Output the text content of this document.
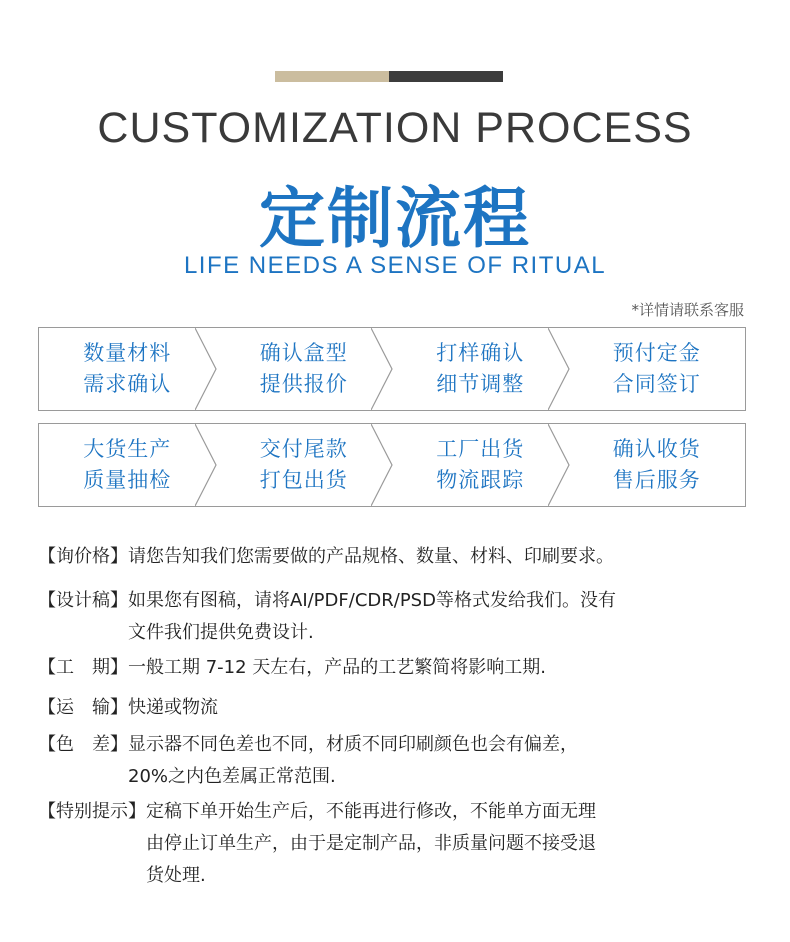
CUSTOMIZATION PROCESS
定制流程
LIFE NEEDS A SENSE OF RITUAL
*详情请联系客服
数量材料
需求确认
确认盒型
提供报价
打样确认
细节调整
预付定金
合同签订
大货生产
质量抽检
交付尾款
打包出货
工厂出货
物流跟踪
确认收货
售后服务
【询价格】 请您告知我们您需要做的产品规格、数量、材料、印刷要求。
【设计稿】 如果您有图稿，请将AI/PDF/CDR/PSD等格式发给我们。没有
文件我们提供免费设计.
【工　期】 一般工期 7-12 天左右，产品的工艺繁简将影响工期.
【运　输】 快递或物流
【色　差】 显示器不同色差也不同，材质不同印刷颜色也会有偏差，
20%之内色差属正常范围.
【特别提示】 定稿下单开始生产后，不能再进行修改，不能单方面无理
由停止订单生产，由于是定制产品，非质量问题不接受退
货处理.
